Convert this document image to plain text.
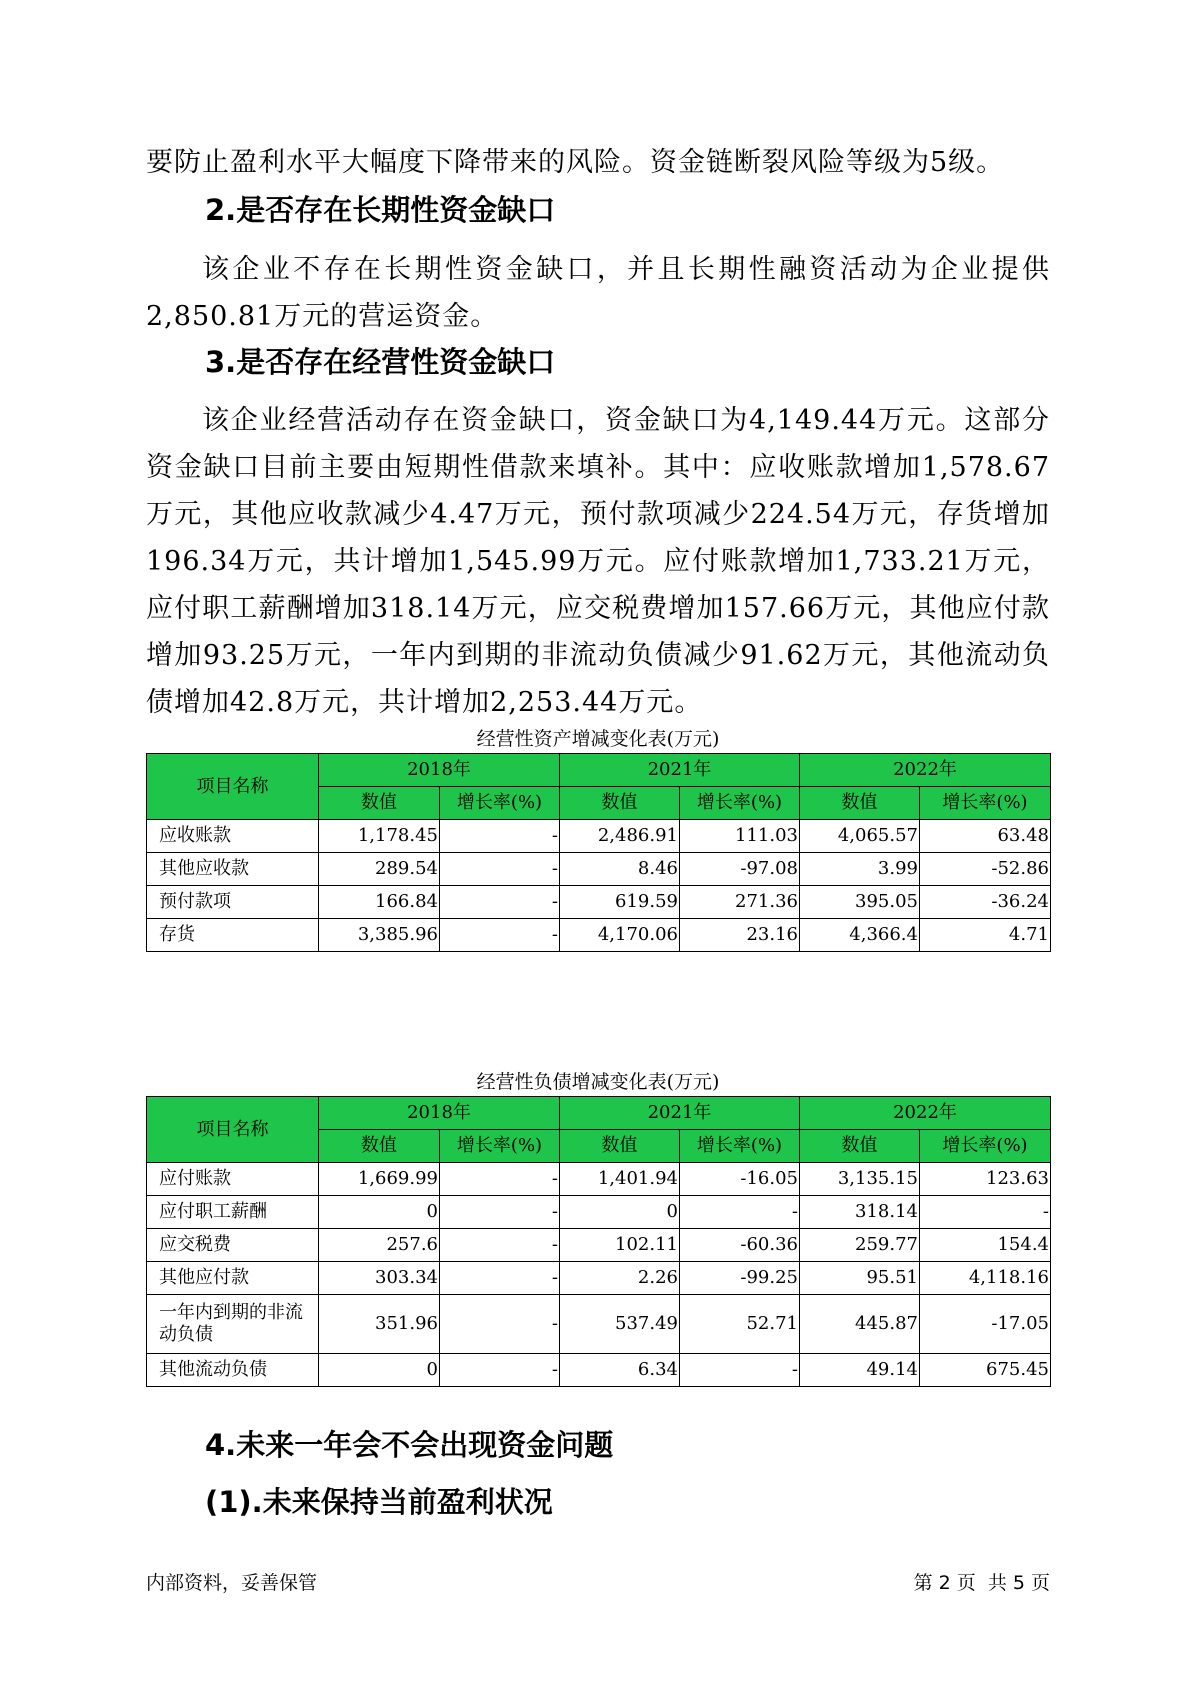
要防止盈利水平大幅度下降带来的风险。资金链断裂风险等级为5级。

2.是否存在长期性资金缺口

该企业不存在长期性资金缺口，并且长期性融资活动为企业提供2,850.81万元的营运资金。

3.是否存在经营性资金缺口

该企业经营活动存在资金缺口，资金缺口为4,149.44万元。这部分资金缺口目前主要由短期性借款来填补。其中：应收账款增加1,578.67万元，其他应收款减少4.47万元，预付款项减少224.54万元，存货增加196.34万元，共计增加1,545.99万元。应付账款增加1,733.21万元，应付职工薪酬增加318.14万元，应交税费增加157.66万元，其他应付款增加93.25万元，一年内到期的非流动负债减少91.62万元，其他流动负债增加42.8万元，共计增加2,253.44万元。

经营性资产增减变化表(万元)
项目名称	2018年		2021年		2022年	
	数值	增长率(%)	数值	增长率(%)	数值	增长率(%)
应收账款	1,178.45	-	2,486.91	111.03	4,065.57	63.48
其他应收款	289.54	-	8.46	-97.08	3.99	-52.86
预付款项	166.84	-	619.59	271.36	395.05	-36.24
存货	3,385.96	-	4,170.06	23.16	4,366.4	4.71
经营性负债增减变化表(万元)
项目名称	2018年		2021年		2022年	
	数值	增长率(%)	数值	增长率(%)	数值	增长率(%)
应付账款	1,669.99	-	1,401.94	-16.05	3,135.15	123.63
应付职工薪酬	0	-	0	-	318.14	-
应交税费	257.6	-	102.11	-60.36	259.77	154.4
其他应付款	303.34	-	2.26	-99.25	95.51	4,118.16
一年内到期的非流动负债	351.96	-	537.49	52.71	445.87	-17.05
其他流动负债	0	-	6.34	-	49.14	675.45
4.未来一年会不会出现资金问题
(1).未来保持当前盈利状况
内部资料，妥善保管	第 2 页  共 5 页
